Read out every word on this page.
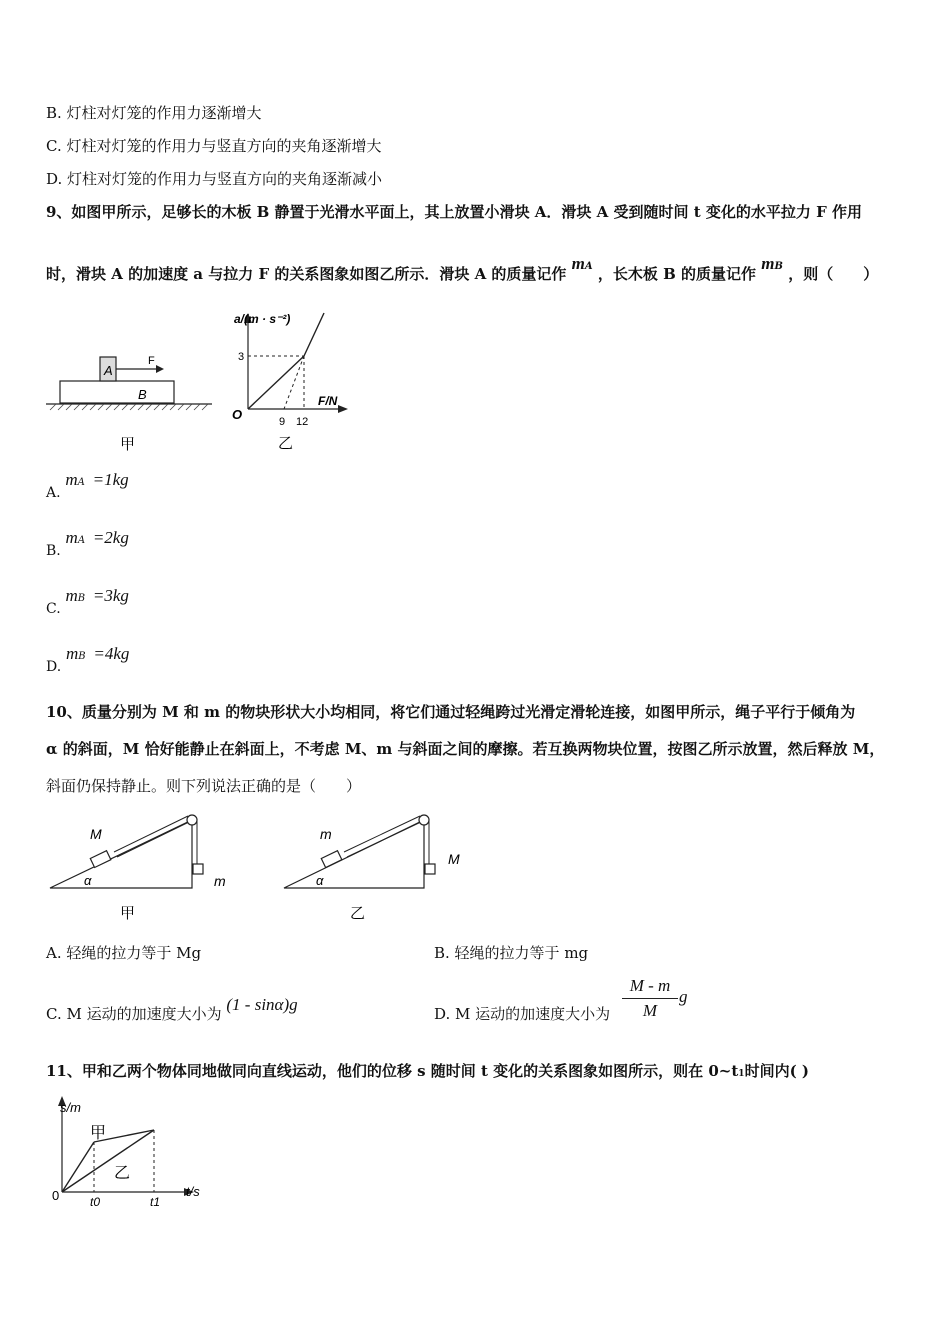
B. 灯柱对灯笼的作用力逐渐增大
C. 灯柱对灯笼的作用力与竖直方向的夹角逐渐增大
D. 灯柱对灯笼的作用力与竖直方向的夹角逐渐减小
9、如图甲所示，足够长的木板 B 静置于光滑水平面上，其上放置小滑块 A．滑块 A 受到随时间 t 变化的水平拉力 F 作用
时，滑块 A 的加速度 a 与拉力 F 的关系图象如图乙所示．滑块 A 的质量记作 mA ，长木板 B 的质量记作 mB ，则（　　）
A
B
F
甲
a/(m · s⁻²)
F/N
O
3
9 12
乙
A. mA =1kg
B. mA =2kg
C. mB =3kg
D. mB =4kg
10、质量分别为 M 和 m 的物块形状大小均相同，将它们通过轻绳跨过光滑定滑轮连接，如图甲所示，绳子平行于倾角为
α 的斜面，M 恰好能静止在斜面上，不考虑 M、m 与斜面之间的摩擦。若互换两物块位置，按图乙所示放置，然后释放 M，
斜面仍保持静止。则下列说法正确的是（　　）
M
m
α
甲
m
M
α
乙
A. 轻绳的拉力等于 Mg	B. 轻绳的拉力等于 mg
C. M 运动的加速度大小为 (1 - sinα)g	D. M 运动的加速度大小为
M - m
M
g
11、甲和乙两个物体同地做同向直线运动，他们的位移 s 随时间 t 变化的关系图象如图所示，则在 0~t1时间内( )
s/m
t/s
0
甲
乙
t0	t1
